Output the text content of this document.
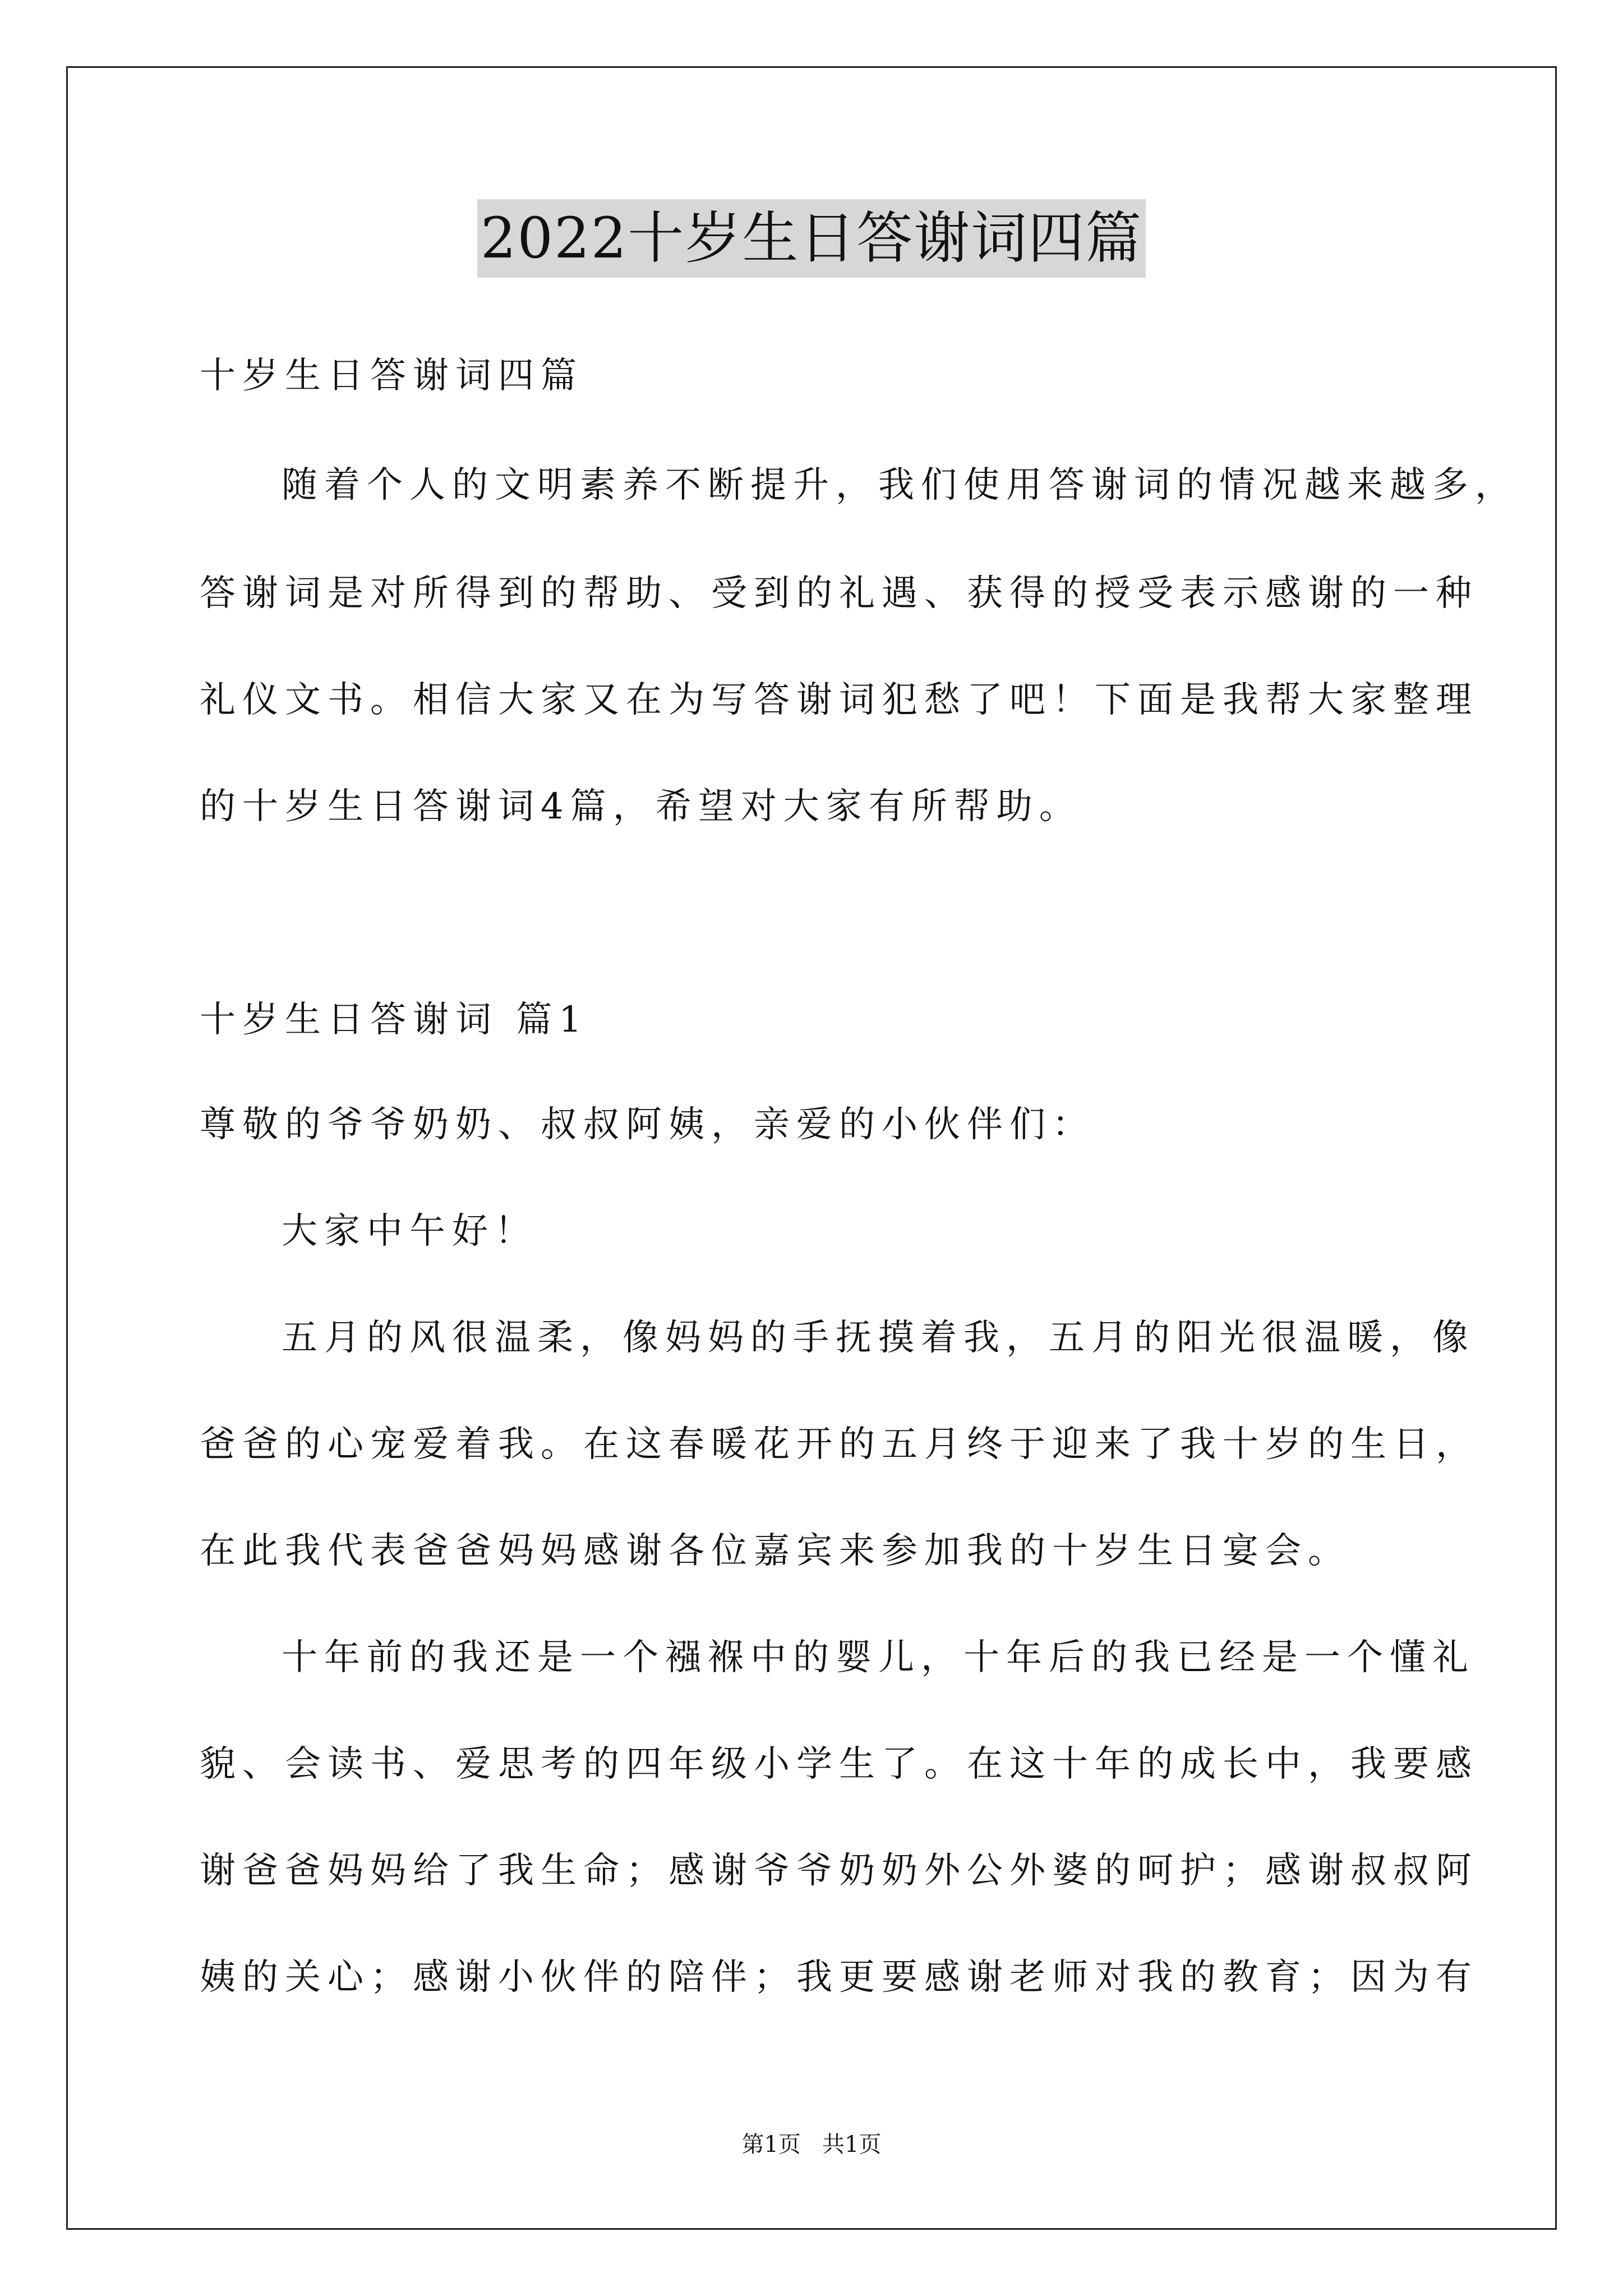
2022十岁生日答谢词四篇
十岁生日答谢词四篇
随着个人的文明素养不断提升，我们使用答谢词的情况越来越多，
答谢词是对所得到的帮助、受到的礼遇、获得的授受表示感谢的一种
礼仪文书。相信大家又在为写答谢词犯愁了吧！下面是我帮大家整理
的十岁生日答谢词4篇，希望对大家有所帮助。
十岁生日答谢词 篇1
尊敬的爷爷奶奶、叔叔阿姨，亲爱的小伙伴们：
大家中午好！
五月的风很温柔，像妈妈的手抚摸着我，五月的阳光很温暖，像
爸爸的心宠爱着我。在这春暖花开的五月终于迎来了我十岁的生日，
在此我代表爸爸妈妈感谢各位嘉宾来参加我的十岁生日宴会。
十年前的我还是一个襁褓中的婴儿，十年后的我已经是一个懂礼
貌、会读书、爱思考的四年级小学生了。在这十年的成长中，我要感
谢爸爸妈妈给了我生命；感谢爷爷奶奶外公外婆的呵护；感谢叔叔阿
姨的关心；感谢小伙伴的陪伴；我更要感谢老师对我的教育；因为有
第1页   共1页
